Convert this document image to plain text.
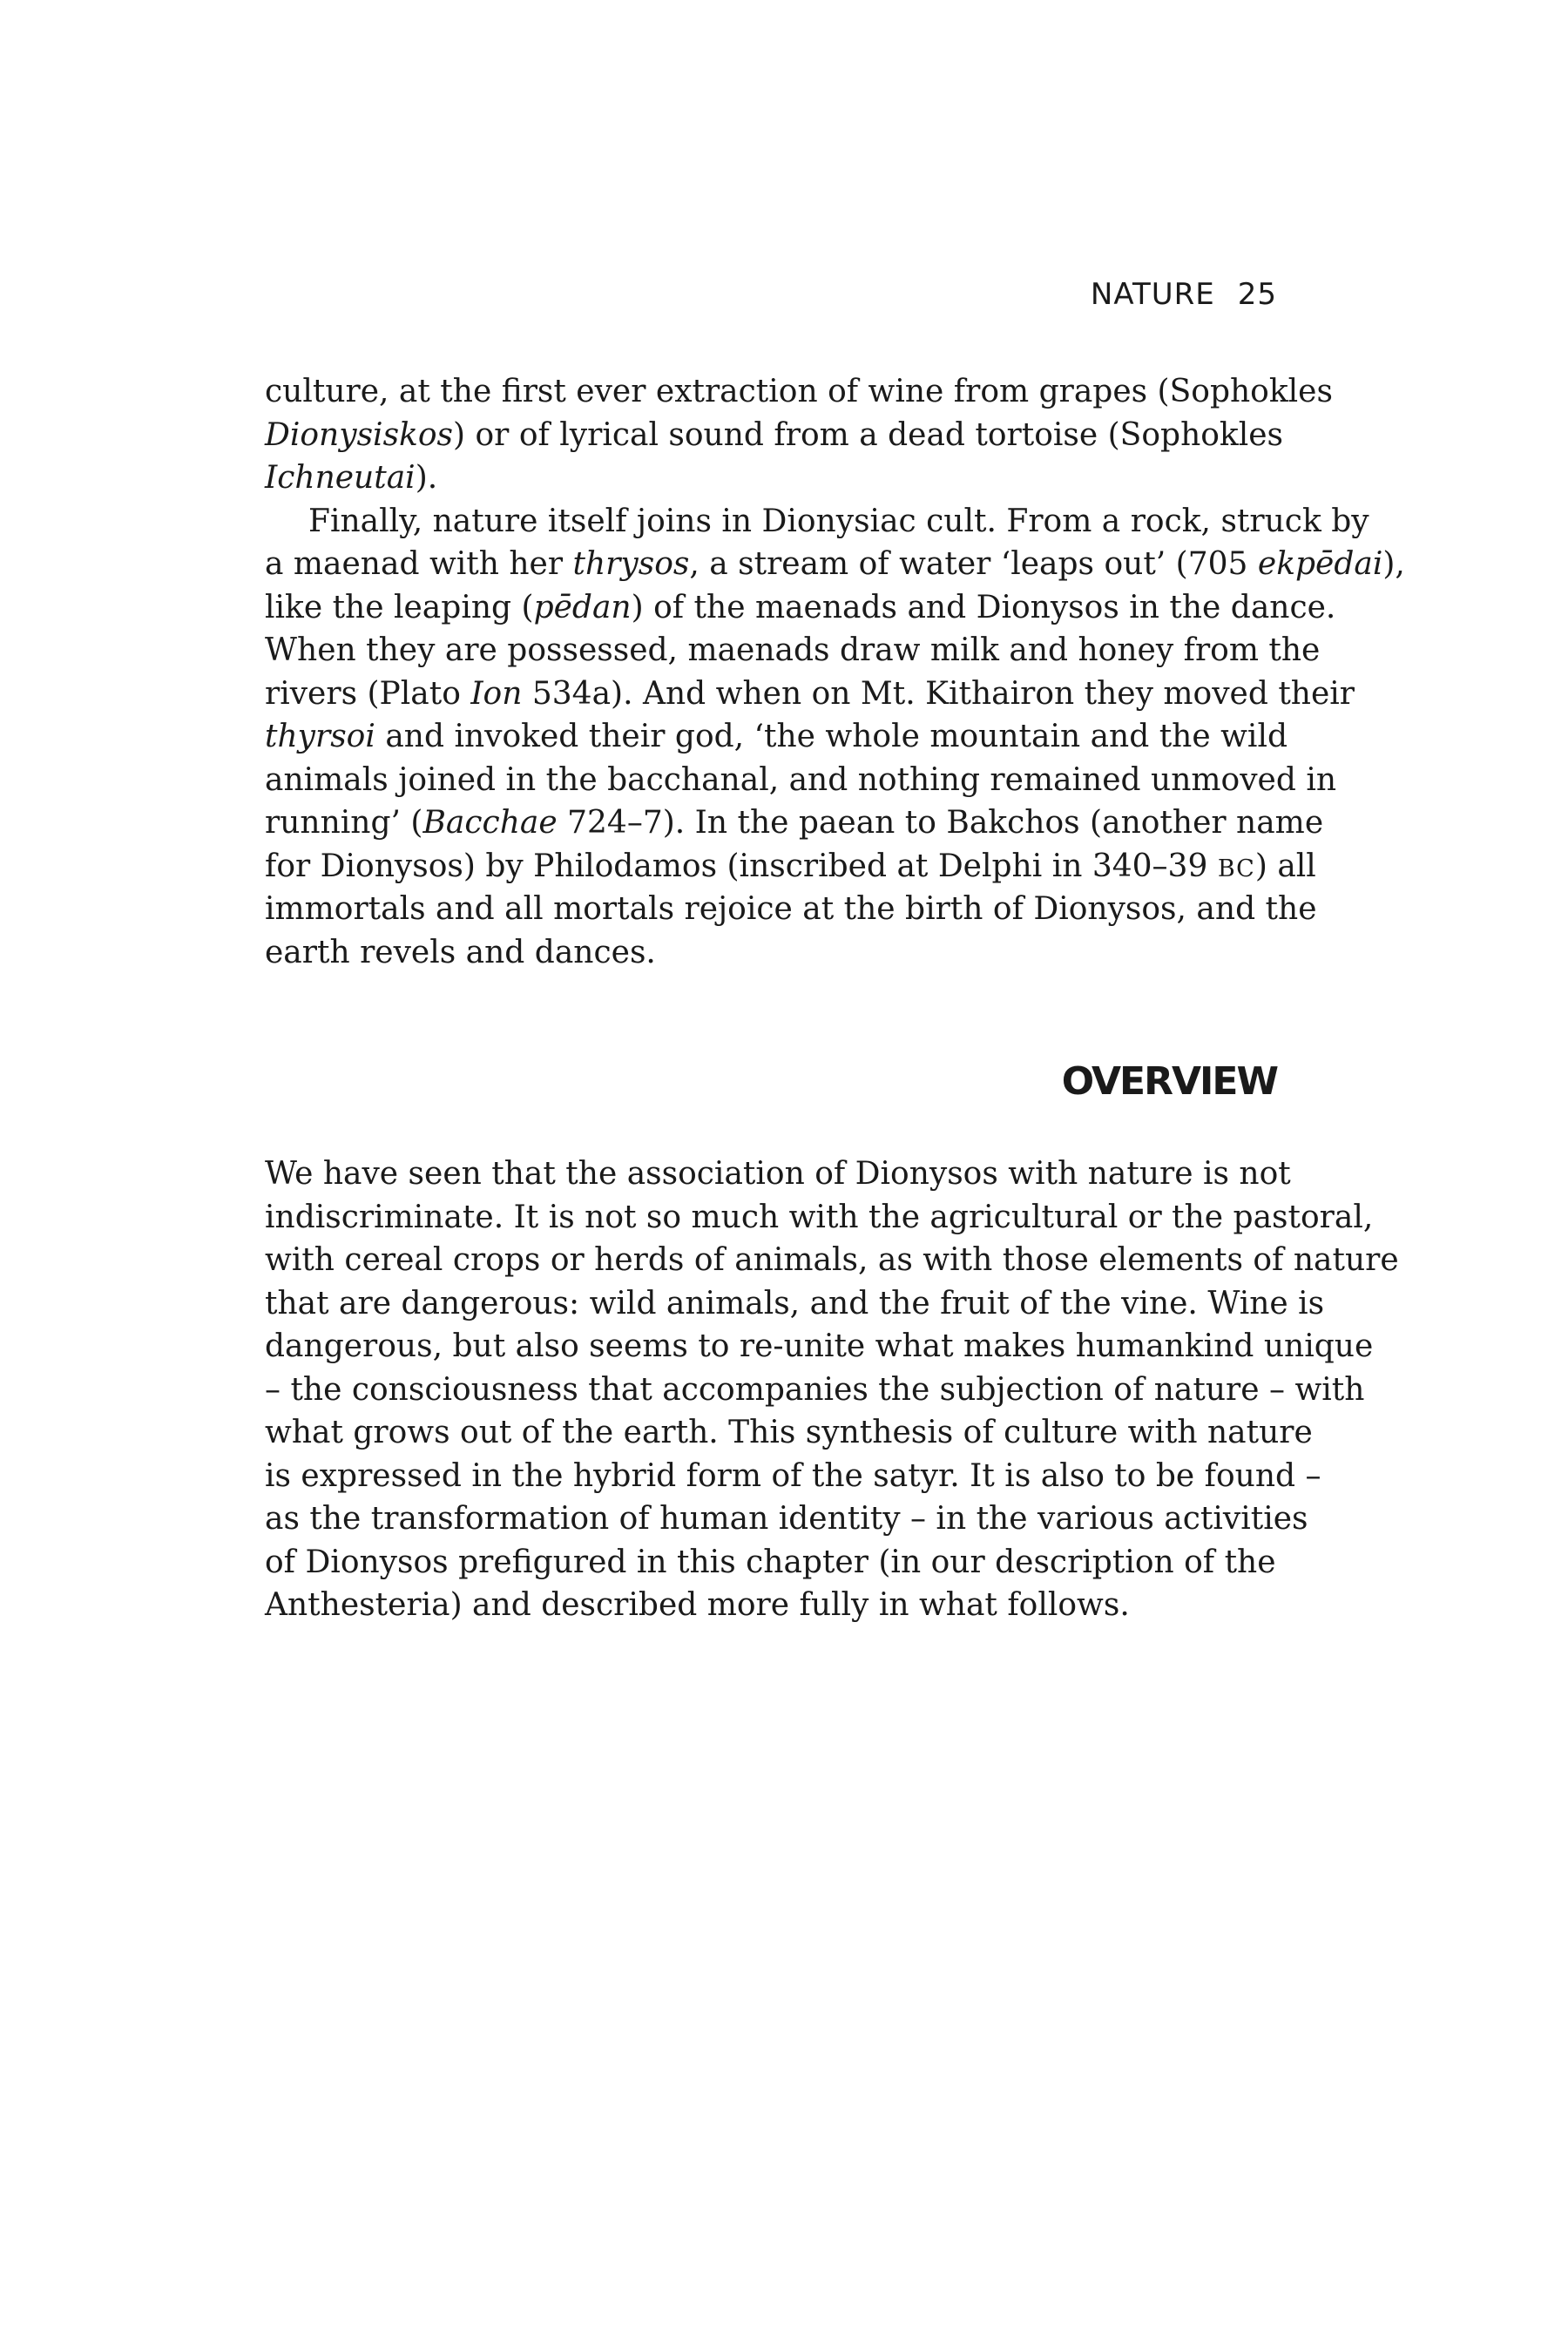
NATURE 25
culture, at the first ever extraction of wine from grapes (Sophokles
Dionysiskos) or of lyrical sound from a dead tortoise (Sophokles
Ichneutai).
Finally, nature itself joins in Dionysiac cult. From a rock, struck by
a maenad with her thrysos, a stream of water ‘leaps out’ (705 ekpēdai),
like the leaping (pēdan) of the maenads and Dionysos in the dance.
When they are possessed, maenads draw milk and honey from the
rivers (Plato Ion 534a). And when on Mt. Kithairon they moved their
thyrsoi and invoked their god, ‘the whole mountain and the wild
animals joined in the bacchanal, and nothing remained unmoved in
running’ (Bacchae 724–7). In the paean to Bakchos (another name
for Dionysos) by Philodamos (inscribed at Delphi in 340–39 BC) all
immortals and all mortals rejoice at the birth of Dionysos, and the
earth revels and dances.
OVERVIEW
We have seen that the association of Dionysos with nature is not
indiscriminate. It is not so much with the agricultural or the pastoral,
with cereal crops or herds of animals, as with those elements of nature
that are dangerous: wild animals, and the fruit of the vine. Wine is
dangerous, but also seems to re-unite what makes humankind unique
– the consciousness that accompanies the subjection of nature – with
what grows out of the earth. This synthesis of culture with nature
is expressed in the hybrid form of the satyr. It is also to be found –
as the transformation of human identity – in the various activities
of Dionysos prefigured in this chapter (in our description of the
Anthesteria) and described more fully in what follows.
